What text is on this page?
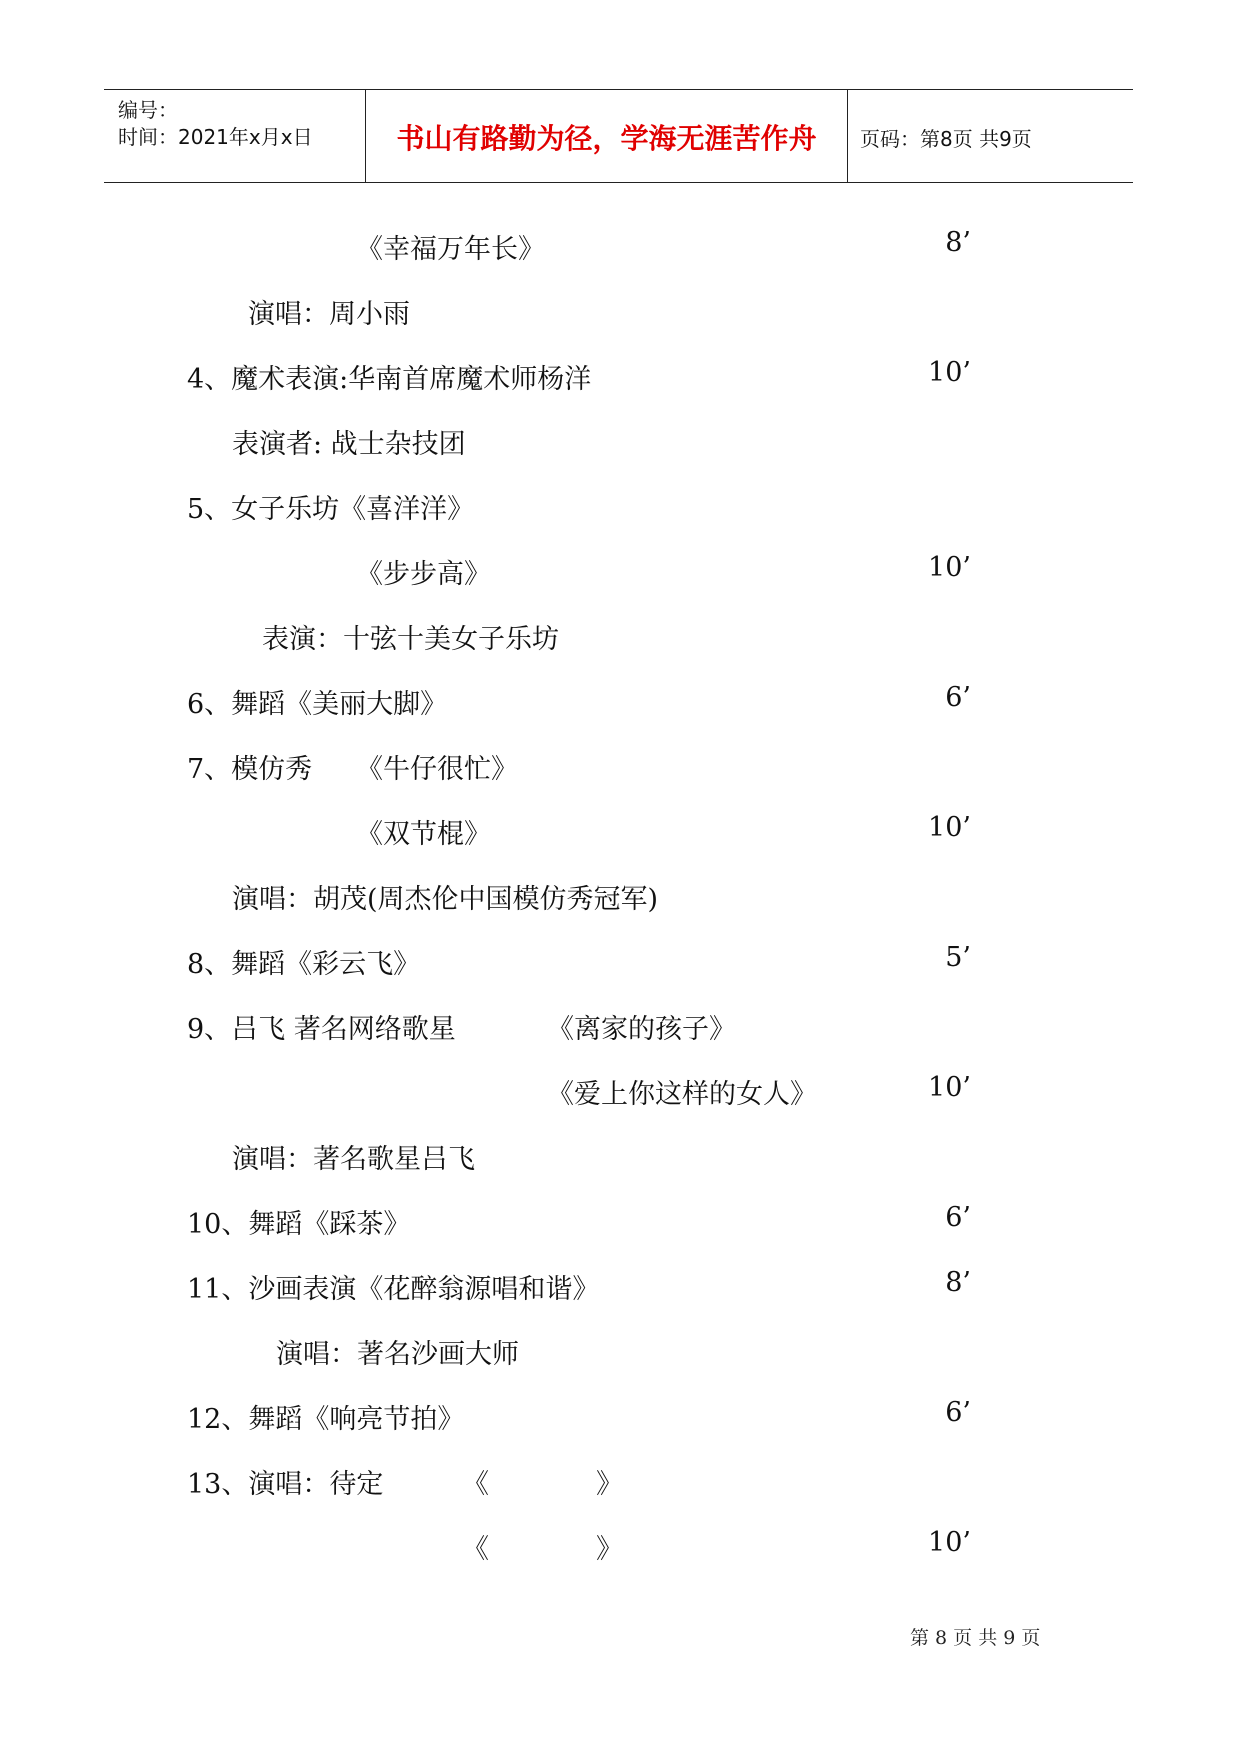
编号：
时间：2021年x月x日	书山有路勤为径，学海无涯苦作舟	页码：第8页 共9页
《幸福万年长》	8’
演唱：周小雨
4、魔术表演:华南首席魔术师杨洋	10’
表演者: 战士杂技团
5、女子乐坊《喜洋洋》
《步步高》	10’
表演：十弦十美女子乐坊
6、舞蹈《美丽大脚》	6’
7、模仿秀 《牛仔很忙》
《双节棍》	10’
演唱：胡茂(周杰伦中国模仿秀冠军)
8、舞蹈《彩云飞》	5’
9、吕飞 著名网络歌星	《离家的孩子》
《爱上你这样的女人》	10’
演唱：著名歌星吕飞
10、舞蹈《踩茶》	6’
11、沙画表演《花醉翁源唱和谐》	8’
演唱：著名沙画大师
12、舞蹈《响亮节拍》	6’
13、演唱：待定	《	》
《	》	10’
第 8 页 共 9 页
